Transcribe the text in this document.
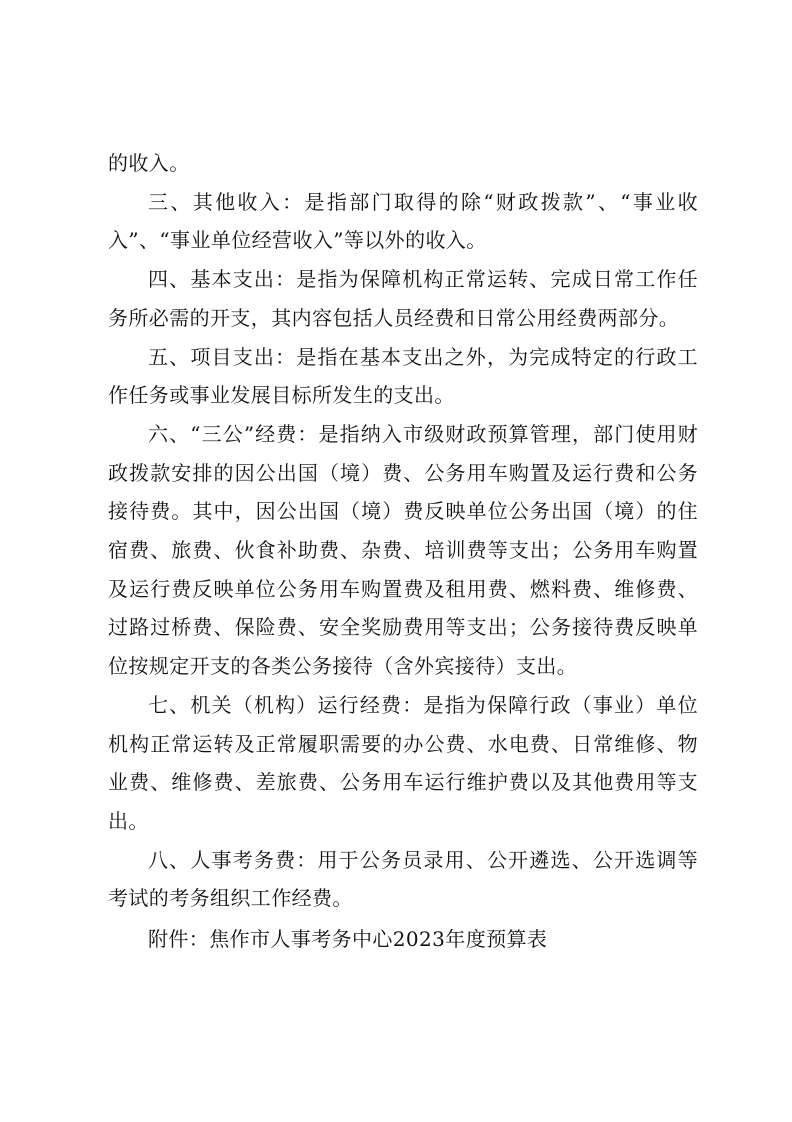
的收入。

三、其他收入：是指部门取得的除“财政拨款”、“事业收入”、“事业单位经营收入”等以外的收入。

四、基本支出：是指为保障机构正常运转、完成日常工作任务所必需的开支，其内容包括人员经费和日常公用经费两部分。

五、项目支出：是指在基本支出之外，为完成特定的行政工作任务或事业发展目标所发生的支出。

六、“三公”经费：是指纳入市级财政预算管理，部门使用财政拨款安排的因公出国（境）费、公务用车购置及运行费和公务接待费。其中，因公出国（境）费反映单位公务出国（境）的住宿费、旅费、伙食补助费、杂费、培训费等支出；公务用车购置及运行费反映单位公务用车购置费及租用费、燃料费、维修费、过路过桥费、保险费、安全奖励费用等支出；公务接待费反映单位按规定开支的各类公务接待（含外宾接待）支出。

七、机关（机构）运行经费：是指为保障行政（事业）单位机构正常运转及正常履职需要的办公费、水电费、日常维修、物业费、维修费、差旅费、公务用车运行维护费以及其他费用等支出。

八、人事考务费：用于公务员录用、公开遴选、公开选调等考试的考务组织工作经费。

附件：焦作市人事考务中心2023年度预算表
